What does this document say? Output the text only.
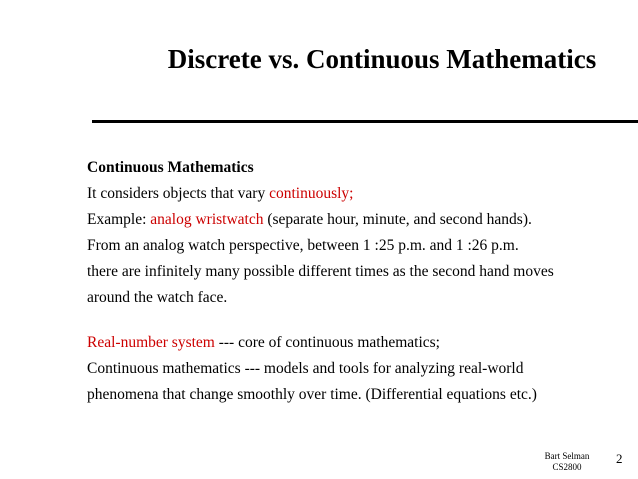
Discrete vs. Continuous Mathematics
Continuous Mathematics
It considers objects that vary continuously;
Example: analog wristwatch (separate hour, minute, and second hands).
From an analog watch perspective, between 1 :25 p.m. and 1 :26 p.m.
there are infinitely many possible different times as the second hand moves
around the watch face.
Real-number system --- core of continuous mathematics;
Continuous mathematics --- models and tools for analyzing real-world
phenomena that change smoothly over time. (Differential equations etc.)
Bart Selman
CS2800
2
